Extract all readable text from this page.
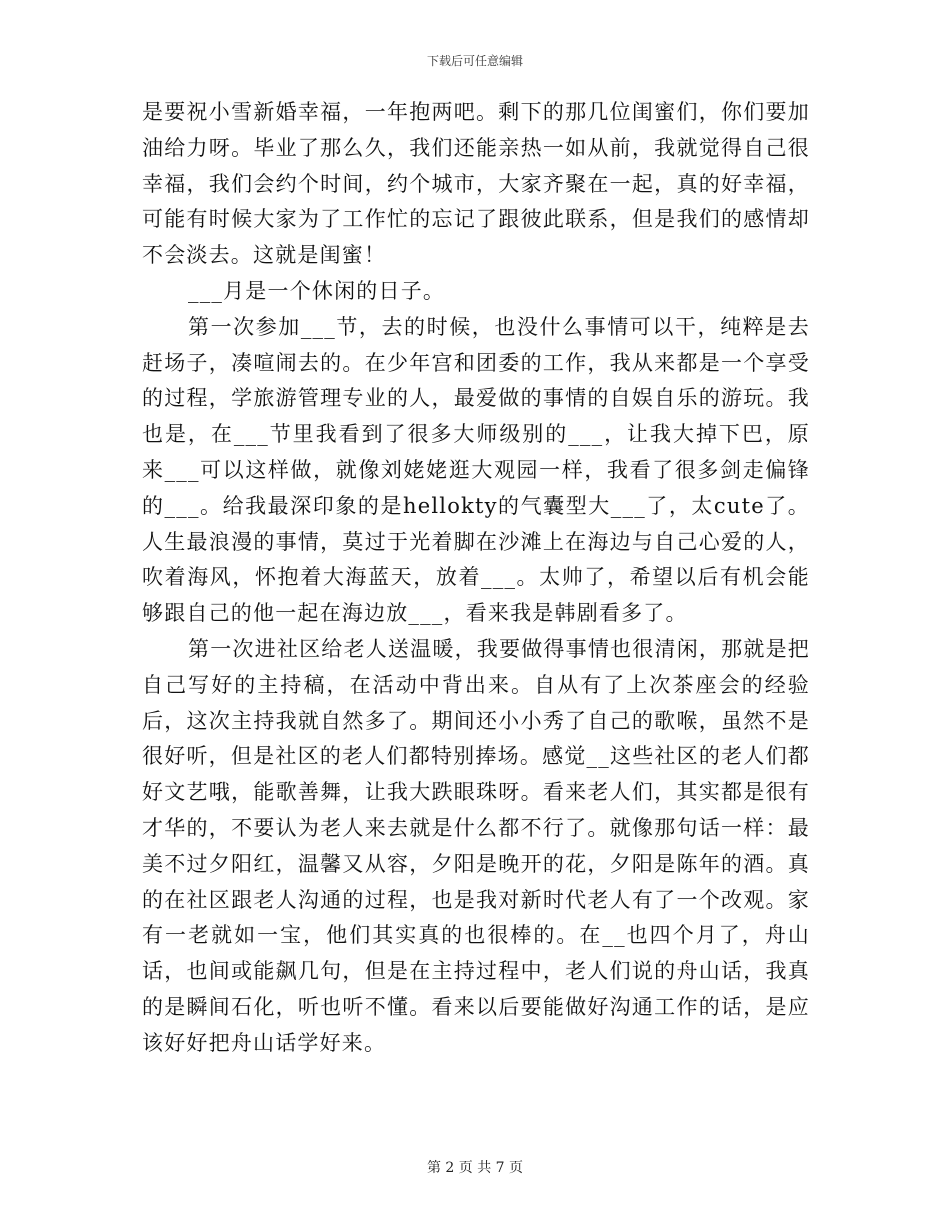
下载后可任意编辑

是要祝小雪新婚幸福，一年抱两吧。剩下的那几位闺蜜们，你们要加油给力呀。毕业了那么久，我们还能亲热一如从前，我就觉得自己很幸福，我们会约个时间，约个城市，大家齐聚在一起，真的好幸福，可能有时候大家为了工作忙的忘记了跟彼此联系，但是我们的感情却不会淡去。这就是闺蜜！

___月是一个休闲的日子。

第一次参加___节，去的时候，也没什么事情可以干，纯粹是去赶场子，凑喧闹去的。在少年宫和团委的工作，我从来都是一个享受的过程，学旅游管理专业的人，最爱做的事情的自娱自乐的游玩。我也是，在___节里我看到了很多大师级别的___，让我大掉下巴，原来___可以这样做，就像刘姥姥逛大观园一样，我看了很多剑走偏锋的___。给我最深印象的是hellokty的气囊型大___了，太cute了。人生最浪漫的事情，莫过于光着脚在沙滩上在海边与自己心爱的人，吹着海风，怀抱着大海蓝天，放着___。太帅了，希望以后有机会能够跟自己的他一起在海边放___，看来我是韩剧看多了。

第一次进社区给老人送温暖，我要做得事情也很清闲，那就是把自己写好的主持稿，在活动中背出来。自从有了上次茶座会的经验后，这次主持我就自然多了。期间还小小秀了自己的歌喉，虽然不是很好听，但是社区的老人们都特别捧场。感觉__这些社区的老人们都好文艺哦，能歌善舞，让我大跌眼珠呀。看来老人们，其实都是很有才华的，不要认为老人来去就是什么都不行了。就像那句话一样：最美不过夕阳红，温馨又从容，夕阳是晚开的花，夕阳是陈年的酒。真的在社区跟老人沟通的过程，也是我对新时代老人有了一个改观。家有一老就如一宝，他们其实真的也很棒的。在__也四个月了，舟山话，也间或能飙几句，但是在主持过程中，老人们说的舟山话，我真的是瞬间石化，听也听不懂。看来以后要能做好沟通工作的话，是应该好好把舟山话学好来。

第 2 页 共 7 页
